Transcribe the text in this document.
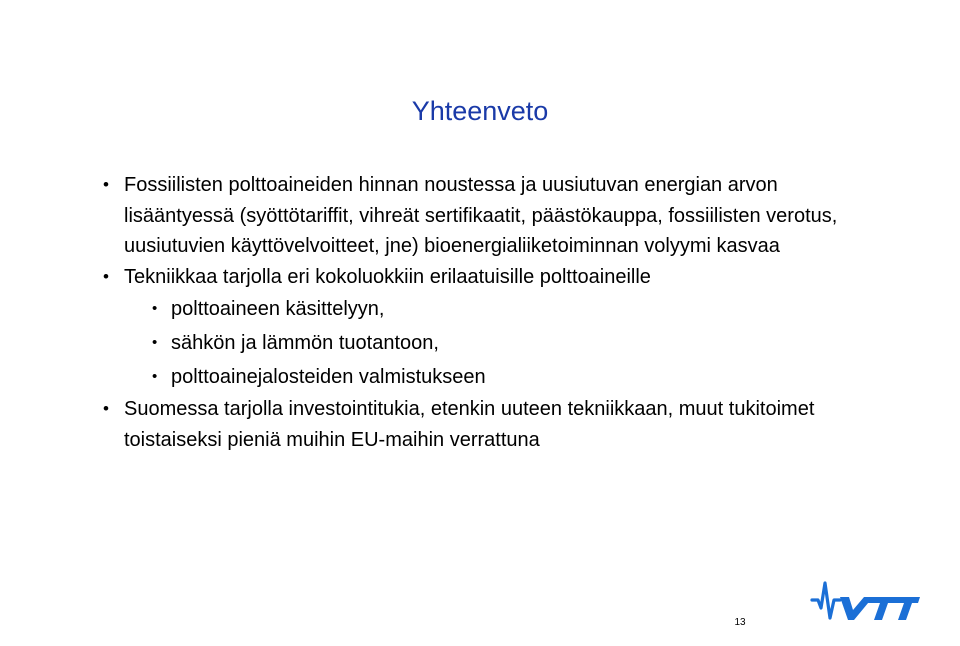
Yhteenveto
• Fossiilisten polttoaineiden hinnan noustessa ja uusiutuvan energian arvon lisääntyessä (syöttötariffit, vihreät sertifikaatit, päästökauppa, fossiilisten verotus, uusiutuvien käyttövelvoitteet, jne) bioenergialiiketoiminnan volyymi kasvaa
• Tekniikkaa tarjolla eri kokoluokkiin erilaatuisille polttoaineille
• polttoaineen käsittelyyn,
• sähkön ja lämmön tuotantoon,
• polttoainejalosteiden valmistukseen
• Suomessa tarjolla investointitukia, etenkin uuteen tekniikkaan, muut tukitoimet toistaiseksi pieniä muihin EU-maihin verrattuna
13
